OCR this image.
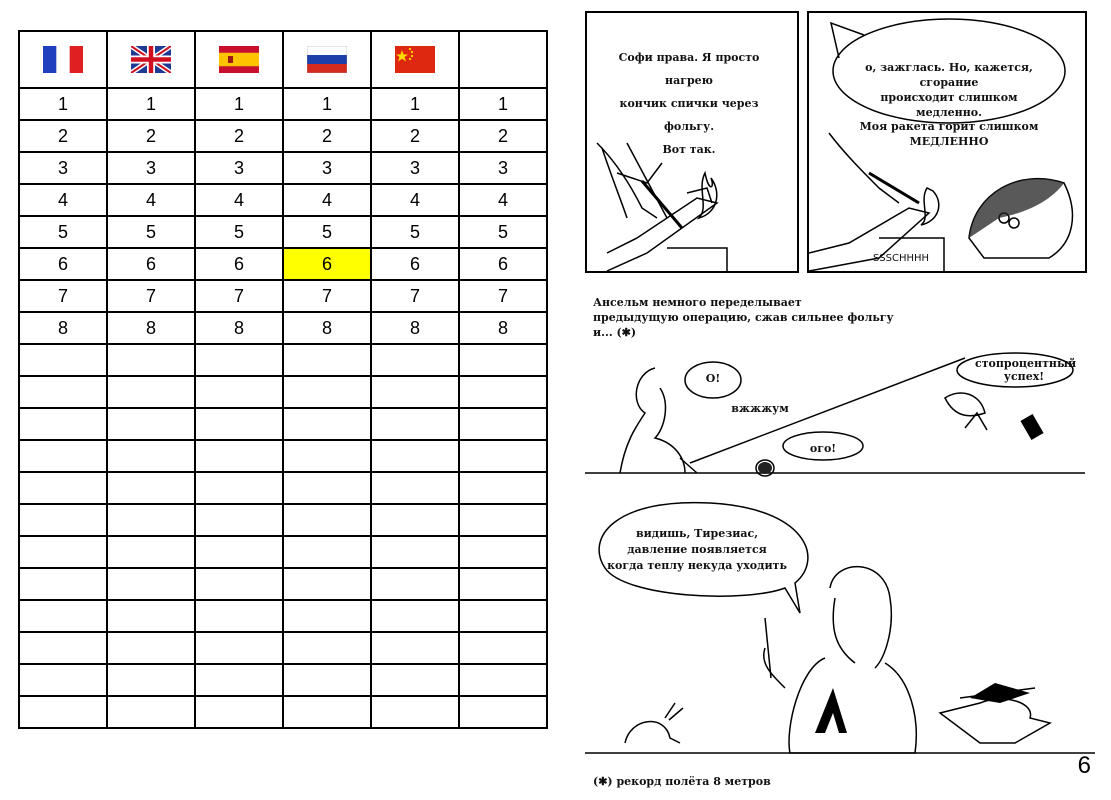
1	1	1	1	1	1
2	2	2	2	2	2
3	3	3	3	3	3
4	4	4	4	4	4
5	5	5	5	5	5
6	6	6	6	6	6
7	7	7	7	7	7
8	8	8	8	8	8

Софи права. Я просто нагрею
кончик спички через фольгу.
Вот так.
о, зажглась. Но, кажется, сгорание
происходит слишком медленно.
Моя ракета горит слишком
МЕДЛЕННО
SSSCHHHH
Ансельм немного переделывает
предыдущую операцию, сжав сильнее фольгу и... (✱)
О!
вжжжум
ого!
стопроцентный
успех!
видишь, Тирезиас,
давление появляется
когда теплу некуда уходить
(✱) рекорд полёта 8 метров
6
